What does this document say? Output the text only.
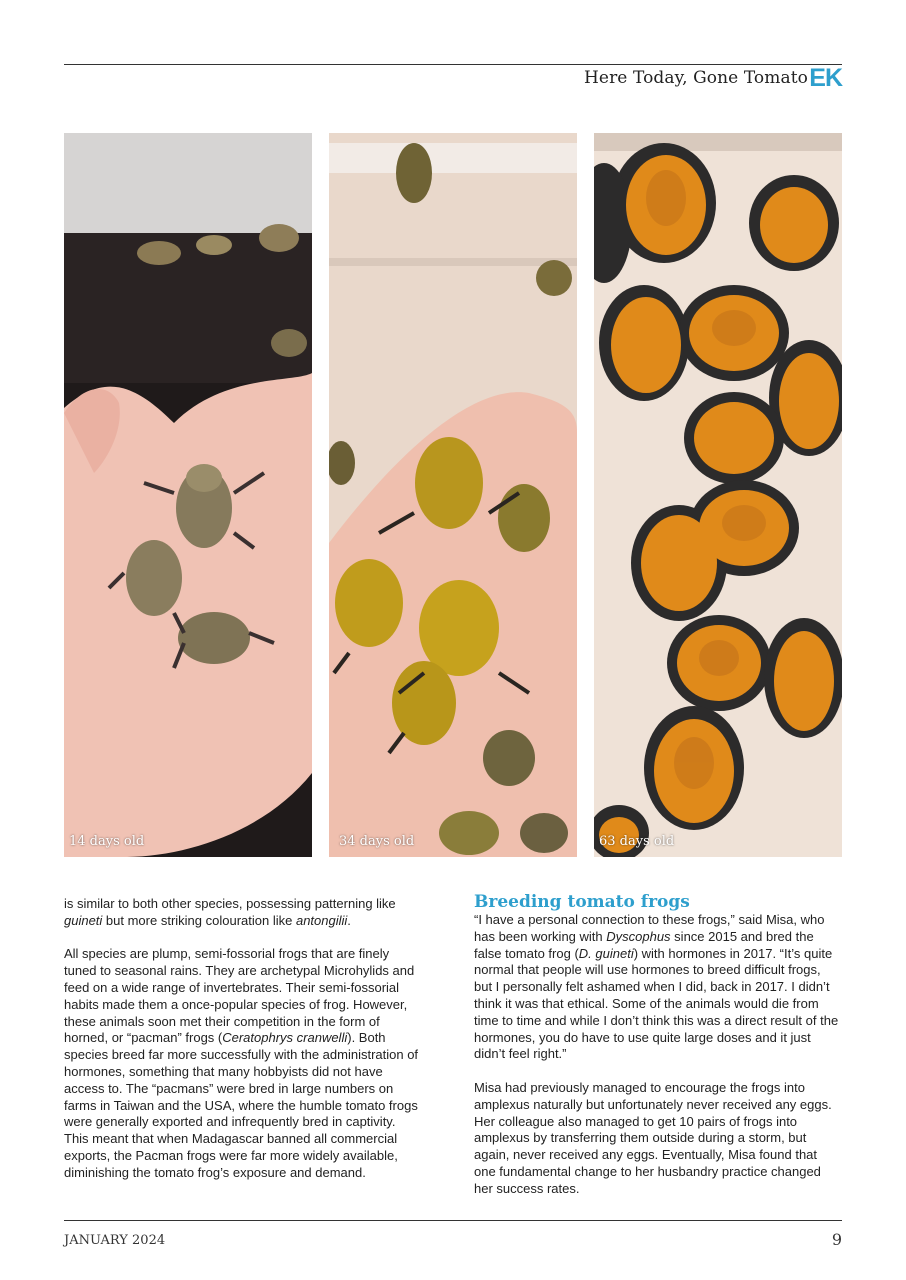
Here Today, Gone Tomato EK
14 days old	34 days old	63 days old

is similar to both other species, possessing patterning like guineti but more striking colouration like antongilii.

All species are plump, semi-fossorial frogs that are finely tuned to seasonal rains. They are archetypal Microhylids and feed on a wide range of invertebrates. Their semi-fossorial habits made them a once-popular species of frog. However, these animals soon met their competition in the form of horned, or “pacman” frogs (Ceratophrys cranwelli). Both species breed far more successfully with the administration of hormones, something that many hobbyists did not have access to. The “pacmans” were bred in large numbers on farms in Taiwan and the USA, where the humble tomato frogs were generally exported and infrequently bred in captivity. This meant that when Madagascar banned all commercial exports, the Pacman frogs were far more widely available, diminishing the tomato frog’s exposure and demand.

Breeding tomato frogs

“I have a personal connection to these frogs,” said Misa, who has been working with Dyscophus since 2015 and bred the false tomato frog (D. guineti) with hormones in 2017. “It’s quite normal that people will use hormones to breed difficult frogs, but I personally felt ashamed when I did, back in 2017. I didn’t think it was that ethical. Some of the animals would die from time to time and while I don’t think this was a direct result of the hormones, you do have to use quite large doses and it just didn’t feel right.”

Misa had previously managed to encourage the frogs into amplexus naturally but unfortunately never received any eggs. Her colleague also managed to get 10 pairs of frogs into amplexus by transferring them outside during a storm, but again, never received any eggs. Eventually, Misa found that one fundamental change to her husbandry practice changed her success rates.

JANUARY 2024	9
